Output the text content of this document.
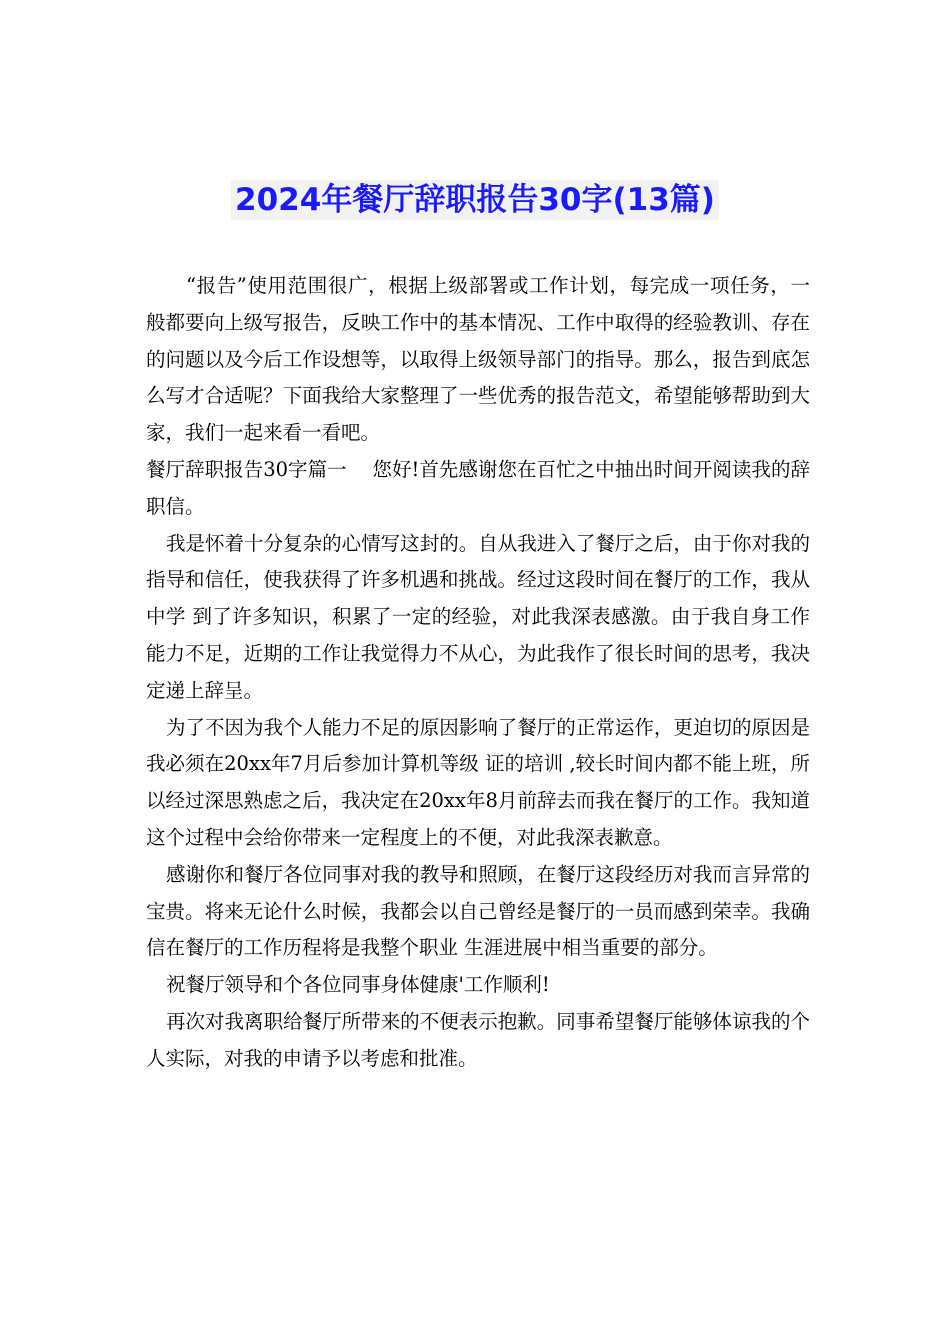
2024年餐厅辞职报告30字(13篇)

“报告”使用范围很广，根据上级部署或工作计划，每完成一项任务，一般都要向上级写报告，反映工作中的基本情况、工作中取得的经验教训、存在的问题以及今后工作设想等，以取得上级领导部门的指导。那么，报告到底怎么写才合适呢？下面我给大家整理了一些优秀的报告范文，希望能够帮助到大家，我们一起来看一看吧。

餐厅辞职报告30字篇一　 您好!首先感谢您在百忙之中抽出时间开阅读我的辞职信。

我是怀着十分复杂的心情写这封的。自从我进入了餐厅之后，由于你对我的指导和信任，使我获得了许多机遇和挑战。经过这段时间在餐厅的工作，我从中学 到了许多知识，积累了一定的经验，对此我深表感激。由于我自身工作能力不足，近期的工作让我觉得力不从心，为此我作了很长时间的思考，我决定递上辞呈。

为了不因为我个人能力不足的原因影响了餐厅的正常运作，更迫切的原因是我必须在20xx年7月后参加计算机等级 证的培训 ,较长时间内都不能上班，所以经过深思熟虑之后，我决定在20xx年8月前辞去而我在餐厅的工作。我知道这个过程中会给你带来一定程度上的不便，对此我深表歉意。

感谢你和餐厅各位同事对我的教导和照顾，在餐厅这段经历对我而言异常的宝贵。将来无论什么时候，我都会以自己曾经是餐厅的一员而感到荣幸。我确信在餐厅的工作历程将是我整个职业 生涯进展中相当重要的部分。

祝餐厅领导和个各位同事身体健康'工作顺利!

再次对我离职给餐厅所带来的不便表示抱歉。同事希望餐厅能够体谅我的个人实际，对我的申请予以考虑和批准。
